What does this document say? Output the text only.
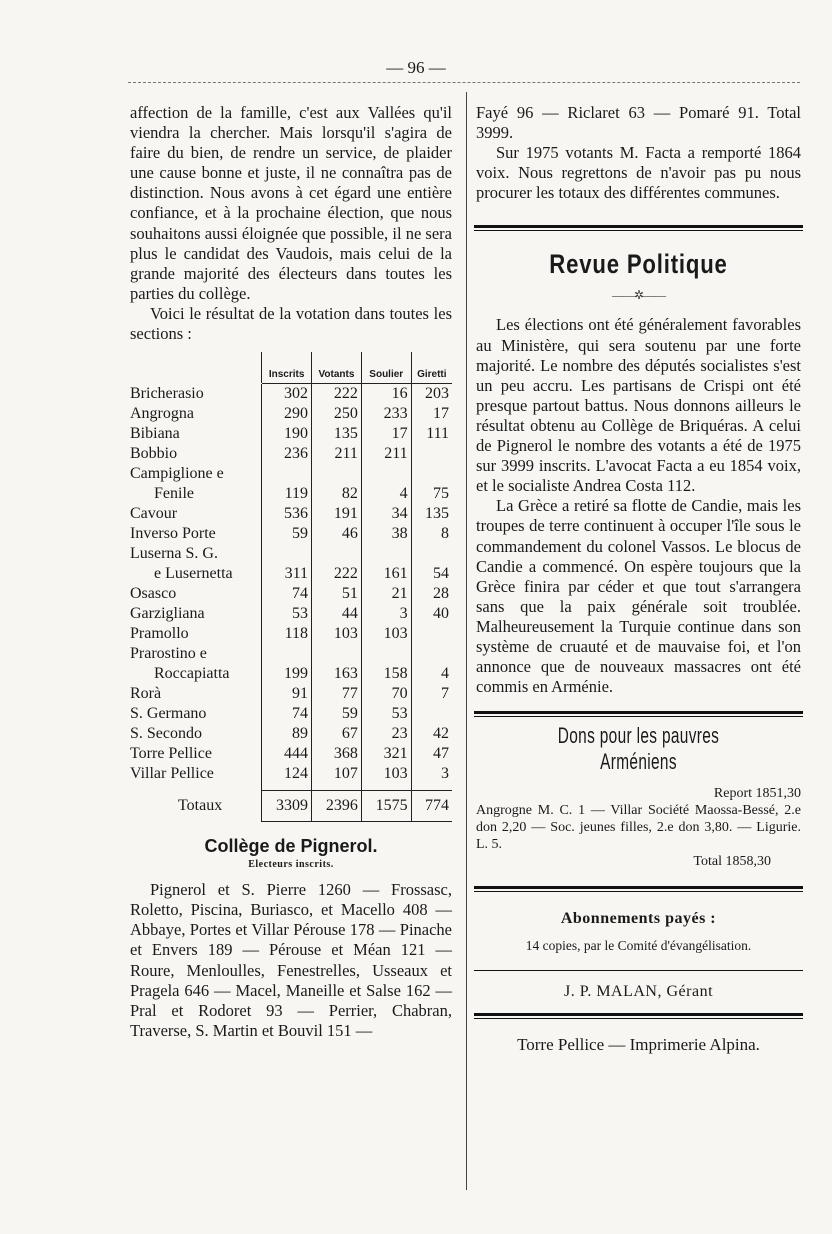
— 96 —

affection de la famille, c'est aux Vallées qu'il viendra la chercher. Mais lorsqu'il s'agira de faire du bien, de rendre un service, de plaider une cause bonne et juste, il ne connaîtra pas de distinction. Nous avons à cet égard une entière confiance, et à la prochaine élection, que nous souhaitons aussi éloignée que possible, il ne sera plus le candidat des Vaudois, mais celui de la grande majorité des électeurs dans toutes les parties du collège.

Voici le résultat de la votation dans toutes les sections :

	Inscrits	Votants	Soulier	Giretti
Bricherasio	302	222	16	203
Angrogna	290	250	233	17
Bibiana	190	135	17	111
Bobbio	236	211	211	
Campiglione e				
Fenile	119	82	4	75
Cavour	536	191	34	135
Inverso Porte	59	46	38	8
Luserna S. G.				
e Lusernetta	311	222	161	54
Osasco	74	51	21	28
Garzigliana	53	44	3	40
Pramollo	118	103	103	
Prarostino e				
Roccapiatta	199	163	158	4
Rorà	91	77	70	7
S. Germano	74	59	53	
S. Secondo	89	67	23	42
Torre Pellice	444	368	321	47
Villar Pellice	124	107	103	3

Totaux	3309	2396	1575	774
Collège de Pignerol.
Electeurs inscrits.

Pignerol et S. Pierre 1260 — Frossasc, Roletto, Piscina, Buriasco, et Macello 408 — Abbaye, Portes et Villar Pérouse 178 — Pinache et Envers 189 — Pérouse et Méan 121 — Roure, Menloulles, Fenestrelles, Usseaux et Pragela 646 — Macel, Maneille et Salse 162 — Pral et Rodoret 93 — Perrier, Chabran, Traverse, S. Martin et Bouvil 151 —

Fayé 96 — Riclaret 63 — Pomaré 91. Total 3999.

Sur 1975 votants M. Facta a remporté 1864 voix. Nous regrettons de n'avoir pas pu nous procurer les totaux des différentes communes.

Revue Politique
——✲——

Les élections ont été généralement favorables au Ministère, qui sera soutenu par une forte majorité. Le nombre des députés socialistes s'est un peu accru. Les partisans de Crispi ont été presque partout battus. Nous donnons ailleurs le résultat obtenu au Collège de Briquéras. A celui de Pignerol le nombre des votants a été de 1975 sur 3999 inscrits. L'avocat Facta a eu 1854 voix, et le socialiste Andrea Costa 112.

La Grèce a retiré sa flotte de Candie, mais les troupes de terre continuent à occuper l'île sous le commandement du colonel Vassos. Le blocus de Candie a commencé. On espère toujours que la Grèce finira par céder et que tout s'arrangera sans que la paix générale soit troublée. Malheureusement la Turquie continue dans son système de cruauté et de mauvaise foi, et l'on annonce que de nouveaux massacres ont été commis en Arménie.

Dons pour les pauvres Arméniens

Report 1851,30

Angrogne M. C. 1 — Villar Société Maossa-Bessé, 2.e don 2,20 — Soc. jeunes filles, 2.e don 3,80. — Ligurie. L. 5.

Total 1858,30

Abonnements payés :
14 copies, par le Comité d'évangélisation.
J. P. MALAN, Gérant
Torre Pellice — Imprimerie Alpina.
